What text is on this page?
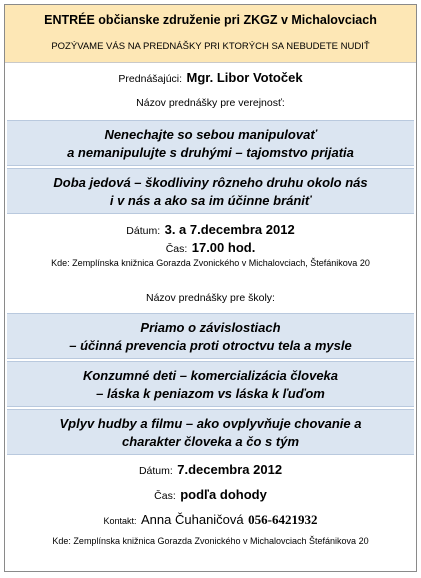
ENTRÉE občianske združenie pri ZKGZ v Michalovciach
POZÝVAME VÁS NA PREDNÁŠKY PRI KTORÝCH SA NEBUDETE NUDIŤ
Prednášajúci: Mgr. Libor Votoček
Názov prednášky pre verejnosť:
Nenechajte so sebou manipulovať
a nemanipulujte s druhými – tajomstvo prijatia
Doba jedová – škodliviny rôzneho druhu okolo nás
i v nás a ako sa im účinne brániť
Dátum: 3. a 7.decembra 2012
Čas: 17.00 hod.
Kde: Zemplínska knižnica Gorazda Zvonického v Michalovciach, Štefánikova 20
Názov prednášky pre školy:
Priamo o závislostiach
– účinná prevencia proti otroctvu tela a mysle
Konzumné deti – komercializácia človeka
– láska k peniazom vs láska k ľuďom
Vplyv hudby a filmu – ako ovplyvňuje chovanie a
charakter človeka a čo s tým
Dátum: 7.decembra 2012
Čas: podľa dohody
Kontakt: Anna Čuhaničová 056-6421932
Kde: Zemplínska knižnica Gorazda Zvonického v Michalovciach Štefánikova 20
